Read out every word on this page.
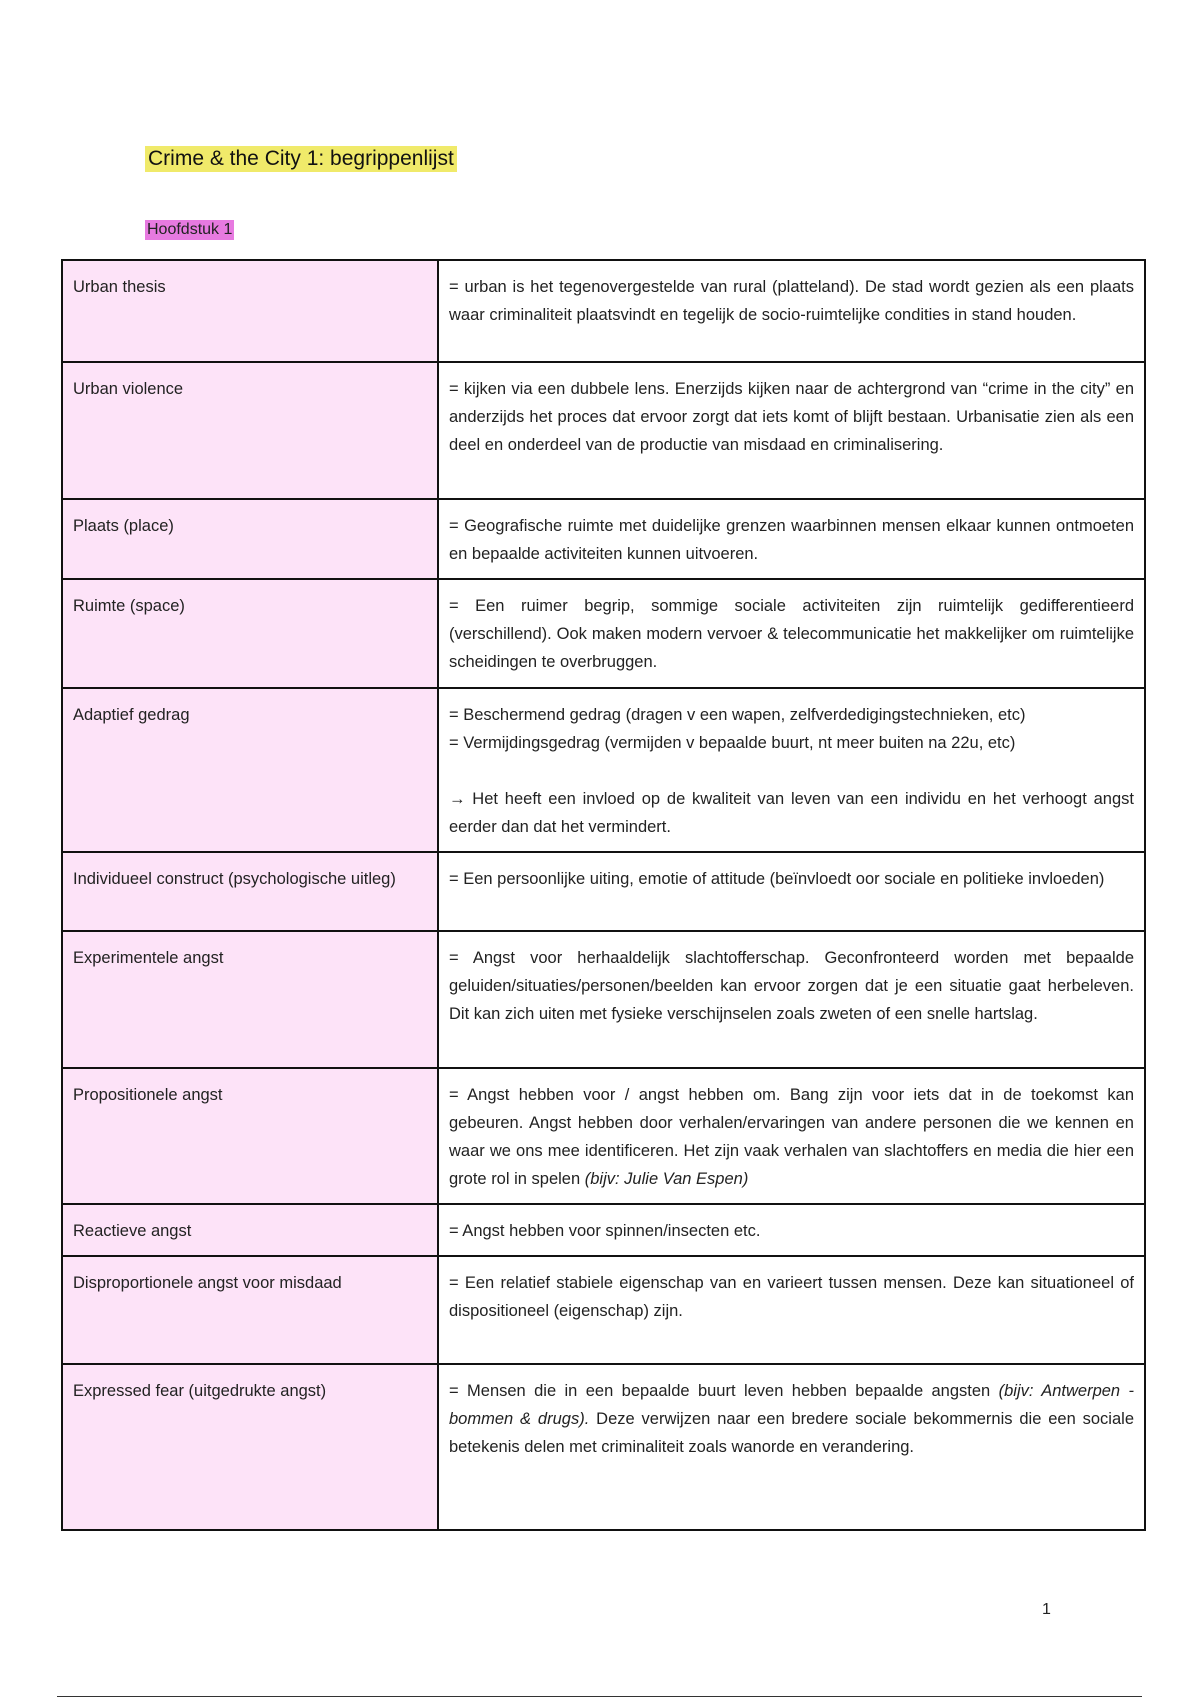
Crime & the City 1: begrippenlijst
Hoofdstuk 1
Urban thesis	= urban is het tegenovergestelde van rural (platteland). De stad wordt gezien als een plaats waar criminaliteit plaatsvindt en tegelijk de socio-ruimtelijke condities in stand houden.
Urban violence	= kijken via een dubbele lens. Enerzijds kijken naar de achtergrond van “crime in the city” en anderzijds het proces dat ervoor zorgt dat iets komt of blijft bestaan. Urbanisatie zien als een deel en onderdeel van de productie van misdaad en criminalisering.
Plaats (place)	= Geografische ruimte met duidelijke grenzen waarbinnen mensen elkaar kunnen ontmoeten en bepaalde activiteiten kunnen uitvoeren.
Ruimte (space)	= Een ruimer begrip, sommige sociale activiteiten zijn ruimtelijk gedifferentieerd (verschillend). Ook maken modern vervoer & telecommunicatie het makkelijker om ruimtelijke scheidingen te overbruggen.
Adaptief gedrag	= Beschermend gedrag (dragen v een wapen, zelfverdedigingstechnieken, etc)
= Vermijdingsgedrag (vermijden v bepaalde buurt, nt meer buiten na 22u, etc)
→ Het heeft een invloed op de kwaliteit van leven van een individu en het verhoogt angst eerder dan dat het vermindert.

Individueel construct (psychologische uitleg)	= Een persoonlijke uiting, emotie of attitude (beïnvloedt oor sociale en politieke invloeden)
Experimentele angst	= Angst voor herhaaldelijk slachtofferschap. Geconfronteerd worden met bepaalde geluiden/situaties/personen/beelden kan ervoor zorgen dat je een situatie gaat herbeleven. Dit kan zich uiten met fysieke verschijnselen zoals zweten of een snelle hartslag.
Propositionele angst	= Angst hebben voor / angst hebben om. Bang zijn voor iets dat in de toekomst kan gebeuren. Angst hebben door verhalen/ervaringen van andere personen die we kennen en waar we ons mee identificeren. Het zijn vaak verhalen van slachtoffers en media die hier een grote rol in spelen (bijv: Julie Van Espen)
Reactieve angst	= Angst hebben voor spinnen/insecten etc.
Disproportionele angst voor misdaad	= Een relatief stabiele eigenschap van en varieert tussen mensen. Deze kan situationeel of dispositioneel (eigenschap) zijn.
Expressed fear (uitgedrukte angst)	= Mensen die in een bepaalde buurt leven hebben bepaalde angsten (bijv: Antwerpen - bommen & drugs). Deze verwijzen naar een bredere sociale bekommernis die een sociale betekenis delen met criminaliteit zoals wanorde en verandering.
1
